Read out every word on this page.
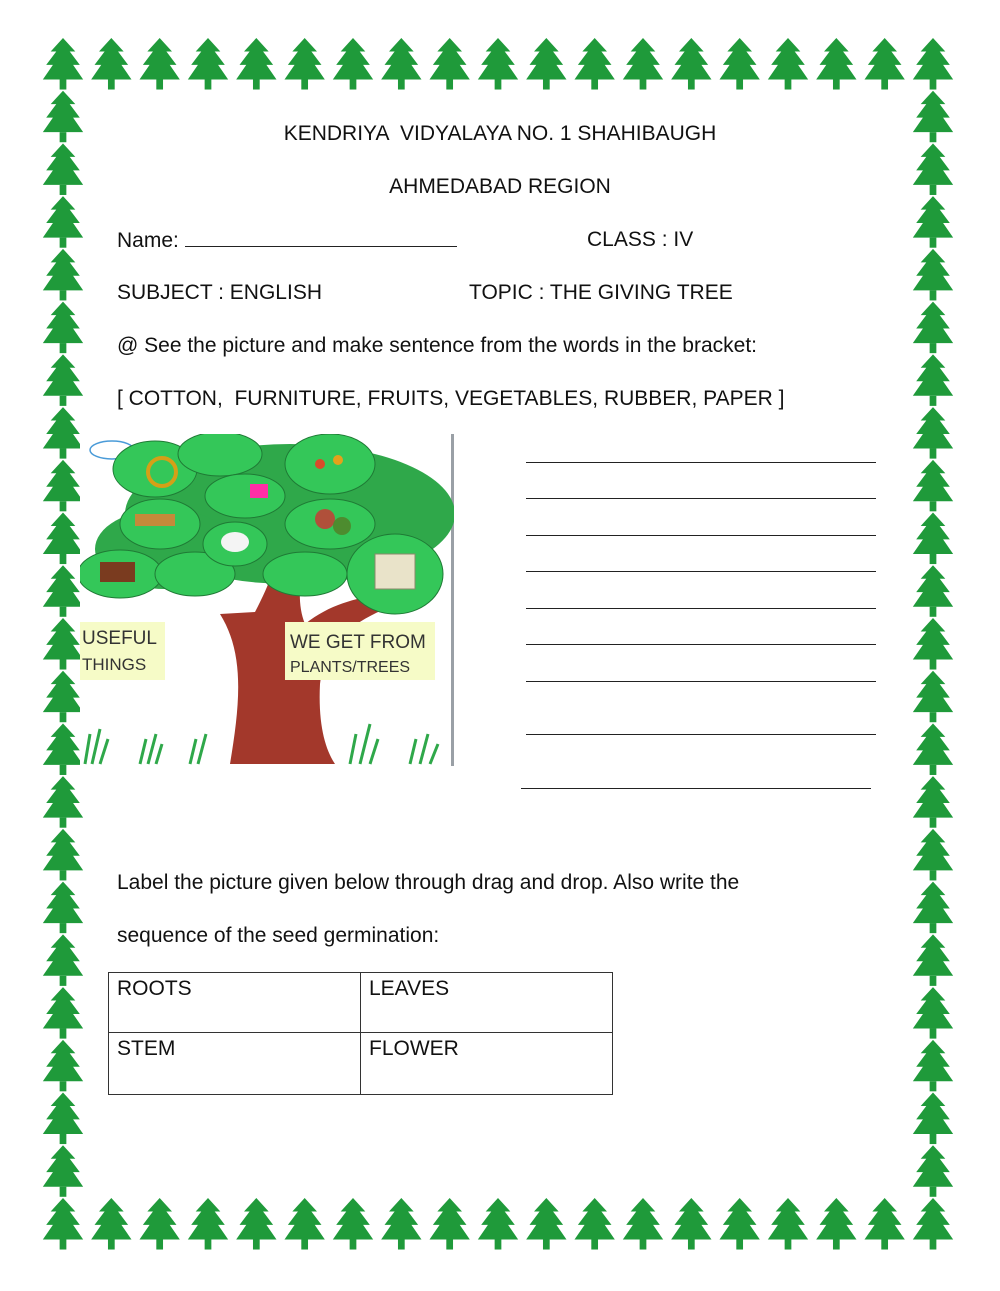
KENDRIYA  VIDYALAYA NO. 1 SHAHIBAUGH
AHMEDABAD REGION
Name:	CLASS : IV
SUBJECT : ENGLISH	TOPIC : THE GIVING TREE
@ See the picture and make sentence from the words in the bracket:
[ COTTON,  FURNITURE, FRUITS, VEGETABLES, RUBBER, PAPER ]
USEFUL
THINGS
WE GET FROM
PLANTS/TREES
Label the picture given below through drag and drop. Also write the
sequence of the seed germination:
ROOTS	LEAVES
STEM	FLOWER
